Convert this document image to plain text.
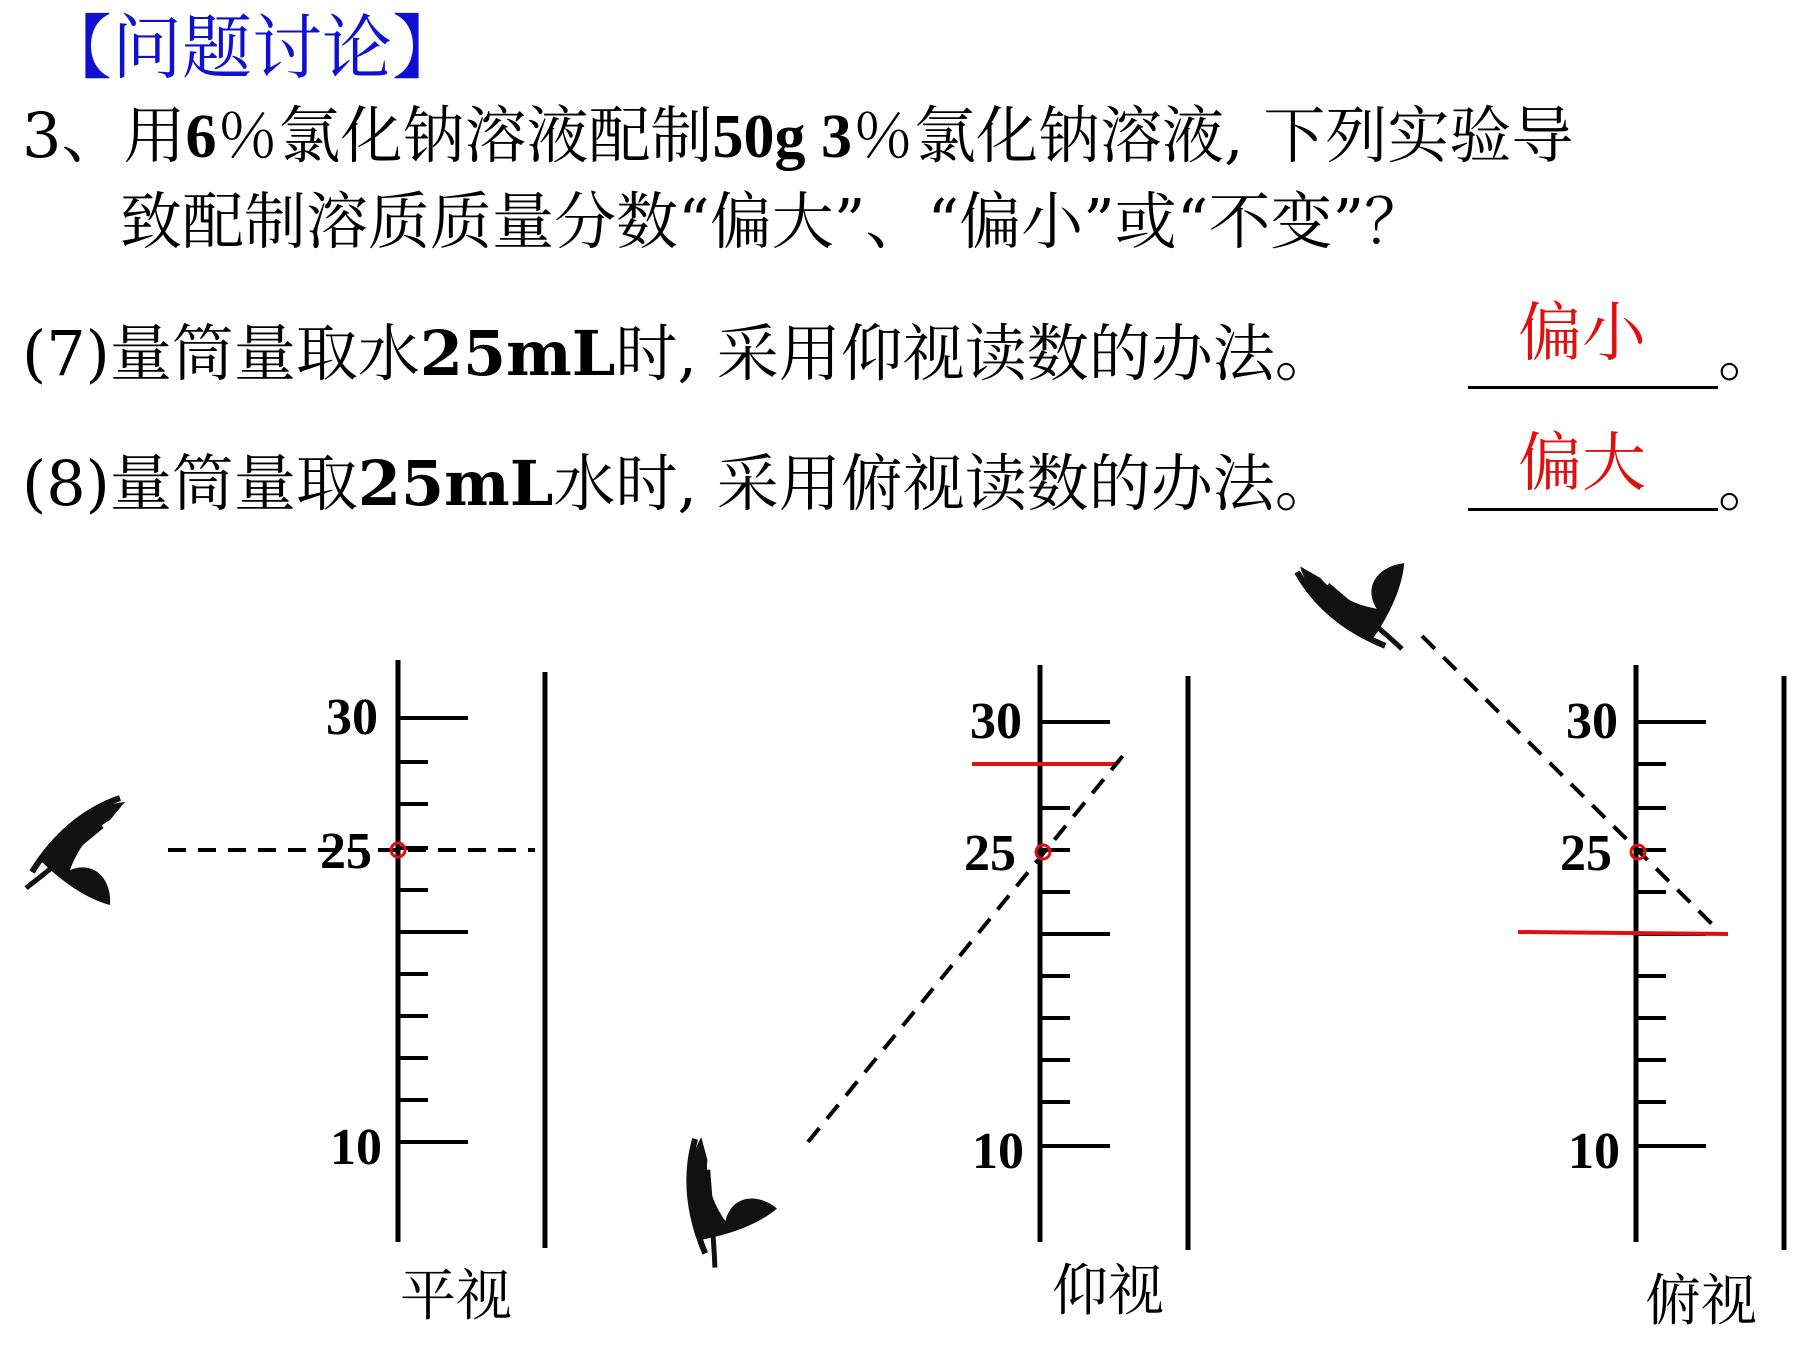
【问题讨论】
3、用6％氯化钠溶液配制50g 3％氯化钠溶液, 下列实验导
致配制溶质质量分数“偏大”、“偏小”或“不变”？
(7)量筒量取水25mL时, 采用仰视读数的办法。	偏小 。
(8)量筒量取25mL水时, 采用俯视读数的办法。	偏大 。
30
25
10
平视
30
25
10
仰视
30
25
10
俯视
